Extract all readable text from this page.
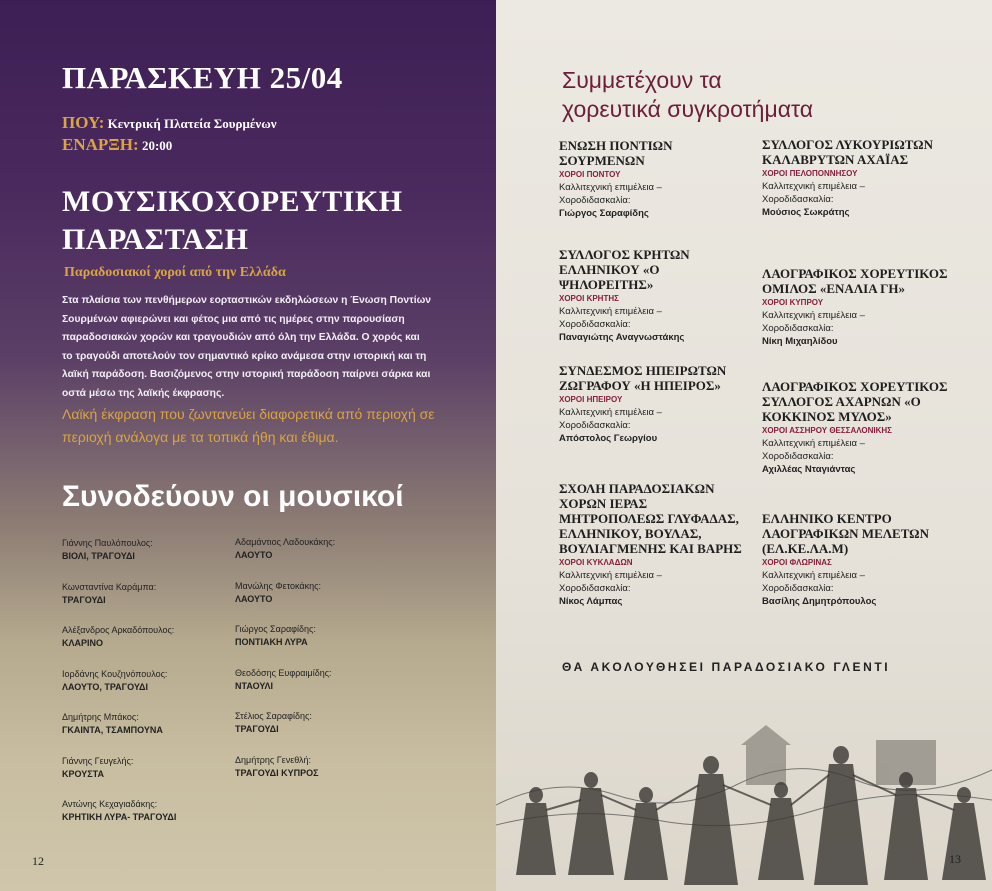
ΠΑΡΑΣΚΕΥΗ 25/04
ΠΟΥ: Κεντρική Πλατεία Σουρμένων
ΕΝΑΡΞΗ: 20:00
ΜΟΥΣΙΚΟΧΟΡΕΥΤΙΚΗ
ΠΑΡΑΣΤΑΣΗ
Παραδοσιακοί χοροί από την Ελλάδα
Στα πλαίσια των πενθήμερων εορταστικών εκδηλώσεων η Ένωση Ποντίων Σουρμένων αφιερώνει και φέτος μια από τις ημέρες στην παρουσίαση παραδοσιακών χορών και τραγουδιών από όλη την Ελλάδα. Ο χορός και το τραγούδι αποτελούν τον σημαντικό κρίκο ανάμεσα στην ιστορική και τη λαϊκή παράδοση. Βασιζόμενος στην ιστορική παράδοση παίρνει σάρκα και οστά μέσω της λαϊκής έκφρασης.
Λαϊκή έκφραση που ζωντανεύει διαφορετικά από περιοχή σε περιοχή ανάλογα με τα τοπικά ήθη και έθιμα.
Συνοδεύουν οι μουσικοί
Γιάννης Παυλόπουλος:
ΒΙΟΛΙ, ΤΡΑΓΟΥΔΙ
Κωνσταντίνα Καράμπα:
ΤΡΑΓΟΥΔΙ
Αλέξανδρος Αρκαδόπουλος:
ΚΛΑΡΙΝΟ
Ιορδάνης Κουζηνόπουλος:
ΛΑΟΥΤΟ, ΤΡΑΓΟΥΔΙ
Δημήτρης Μπάκος:
ΓΚΑΙΝΤΑ, ΤΣΑΜΠΟΥΝΑ
Γιάννης Γευγελής:
ΚΡΟΥΣΤΑ
Αντώνης Κεχαγιαδάκης:
ΚΡΗΤΙΚΗ ΛΥΡΑ- ΤΡΑΓΟΥΔΙ
Αδαμάντιος Λαδουκάκης:
ΛΑΟΥΤΟ
Μανώλης Φετοκάκης:
ΛΑΟΥΤΟ
Γιώργος Σαραφίδης:
ΠΟΝΤΙΑΚΗ ΛΥΡΑ
Θεοδόσης Ευφραιμίδης:
ΝΤΑΟΥΛΙ
Στέλιος Σαραφίδης:
ΤΡΑΓΟΥΔΙ
Δημήτρης Γενεθλή:
ΤΡΑΓΟΥΔΙ ΚΥΠΡΟΣ
12
Συμμετέχουν τα
χορευτικά συγκροτήματα
ΕΝΩΣΗ ΠΟΝΤΙΩΝ ΣΟΥΡΜΕΝΩΝ
ΧΟΡΟΙ ΠΟΝΤΟΥ
Καλλιτεχνική επιμέλεια –
Χοροδιδασκαλία:
Γιώργος Σαραφίδης
ΣΥΛΛΟΓΟΣ ΚΡΗΤΩΝ ΕΛΛΗΝΙΚΟΥ «Ο ΨΗΛΟΡΕΙΤΗΣ»
ΧΟΡΟΙ ΚΡΗΤΗΣ
Καλλιτεχνική επιμέλεια –
Χοροδιδασκαλία:
Παναγιώτης Αναγνωστάκης
ΣΥΝΔΕΣΜΟΣ ΗΠΕΙΡΩΤΩΝ ΖΩΓΡΑΦΟΥ «Η ΗΠΕΙΡΟΣ»
ΧΟΡΟΙ ΗΠΕΙΡΟΥ
Καλλιτεχνική επιμέλεια –
Χοροδιδασκαλία:
Απόστολος Γεωργίου
ΣΧΟΛΗ ΠΑΡΑΔΟΣΙΑΚΩΝ ΧΟΡΩΝ ΙΕΡΑΣ ΜΗΤΡΟΠΟΛΕΩΣ ΓΛΥΦΑΔΑΣ, ΕΛΛΗΝΙΚΟΥ, ΒΟΥΛΑΣ, ΒΟΥΛΙΑΓΜΕΝΗΣ ΚΑΙ ΒΑΡΗΣ
ΧΟΡΟΙ ΚΥΚΛΑΔΩΝ
Καλλιτεχνική επιμέλεια –
Χοροδιδασκαλία:
Νίκος Λάμπας
ΣΥΛΛΟΓΟΣ ΛΥΚΟΥΡΙΩΤΩΝ ΚΑΛΑΒΡΥΤΩΝ ΑΧΑΪΑΣ
ΧΟΡΟΙ ΠΕΛΟΠΟΝΝΗΣΟΥ
Καλλιτεχνική επιμέλεια –
Χοροδιδασκαλία:
Μούσιος Σωκράτης
ΛΑΟΓΡΑΦΙΚΟΣ ΧΟΡΕΥΤΙΚΟΣ ΟΜΙΛΟΣ «ΕΝΑΛΙΑ ΓΗ»
ΧΟΡΟΙ ΚΥΠΡΟΥ
Καλλιτεχνική επιμέλεια –
Χοροδιδασκαλία:
Νίκη Μιχαηλίδου
ΛΑΟΓΡΑΦΙΚΟΣ ΧΟΡΕΥΤΙΚΟΣ ΣΥΛΛΟΓΟΣ ΑΧΑΡΝΩΝ «Ο ΚΟΚΚΙΝΟΣ ΜΥΛΟΣ»
ΧΟΡΟΙ ΑΣΣΗΡΟΥ ΘΕΣΣΑΛΟΝΙΚΗΣ
Καλλιτεχνική επιμέλεια –
Χοροδιδασκαλία:
Αχιλλέας Νταγιάντας
ΕΛΛΗΝΙΚΟ ΚΕΝΤΡΟ ΛΑΟΓΡΑΦΙΚΩΝ ΜΕΛΕΤΩΝ (ΕΛ.ΚΕ.ΛΑ.Μ)
ΧΟΡΟΙ ΦΛΩΡΙΝΑΣ
Καλλιτεχνική επιμέλεια –
Χοροδιδασκαλία:
Βασίλης Δημητρόπουλος
ΘΑ ΑΚΟΛΟΥΘΗΣΕΙ ΠΑΡΑΔΟΣΙΑΚΟ ΓΛΕΝΤΙ
13
